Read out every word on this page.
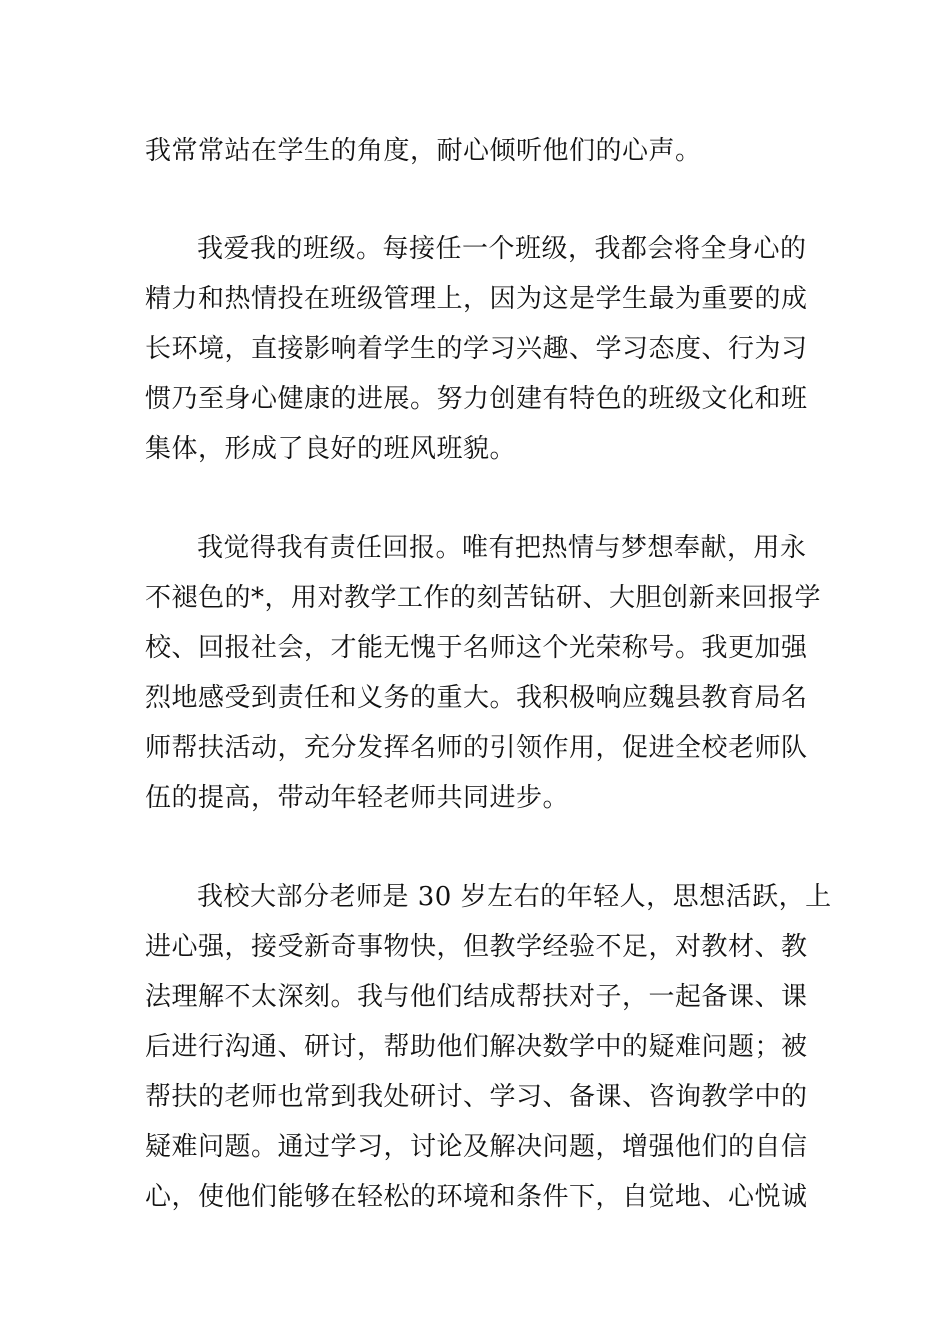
我常常站在学生的角度，耐心倾听他们的心声。
我爱我的班级。每接任一个班级，我都会将全身心的
精力和热情投在班级管理上，因为这是学生最为重要的成
长环境，直接影响着学生的学习兴趣、学习态度、行为习
惯乃至身心健康的进展。努力创建有特色的班级文化和班
集体，形成了良好的班风班貌。
我觉得我有责任回报。唯有把热情与梦想奉献，用永
不褪色的*，用对教学工作的刻苦钻研、大胆创新来回报学
校、回报社会，才能无愧于名师这个光荣称号。我更加强
烈地感受到责任和义务的重大。我积极响应魏县教育局名
师帮扶活动，充分发挥名师的引领作用，促进全校老师队
伍的提高，带动年轻老师共同进步。
我校大部分老师是 30 岁左右的年轻人，思想活跃，上
进心强，接受新奇事物快，但教学经验不足，对教材、教
法理解不太深刻。我与他们结成帮扶对子，一起备课、课
后进行沟通、研讨，帮助他们解决数学中的疑难问题；被
帮扶的老师也常到我处研讨、学习、备课、咨询教学中的
疑难问题。通过学习，讨论及解决问题，增强他们的自信
心，使他们能够在轻松的环境和条件下，自觉地、心悦诚
